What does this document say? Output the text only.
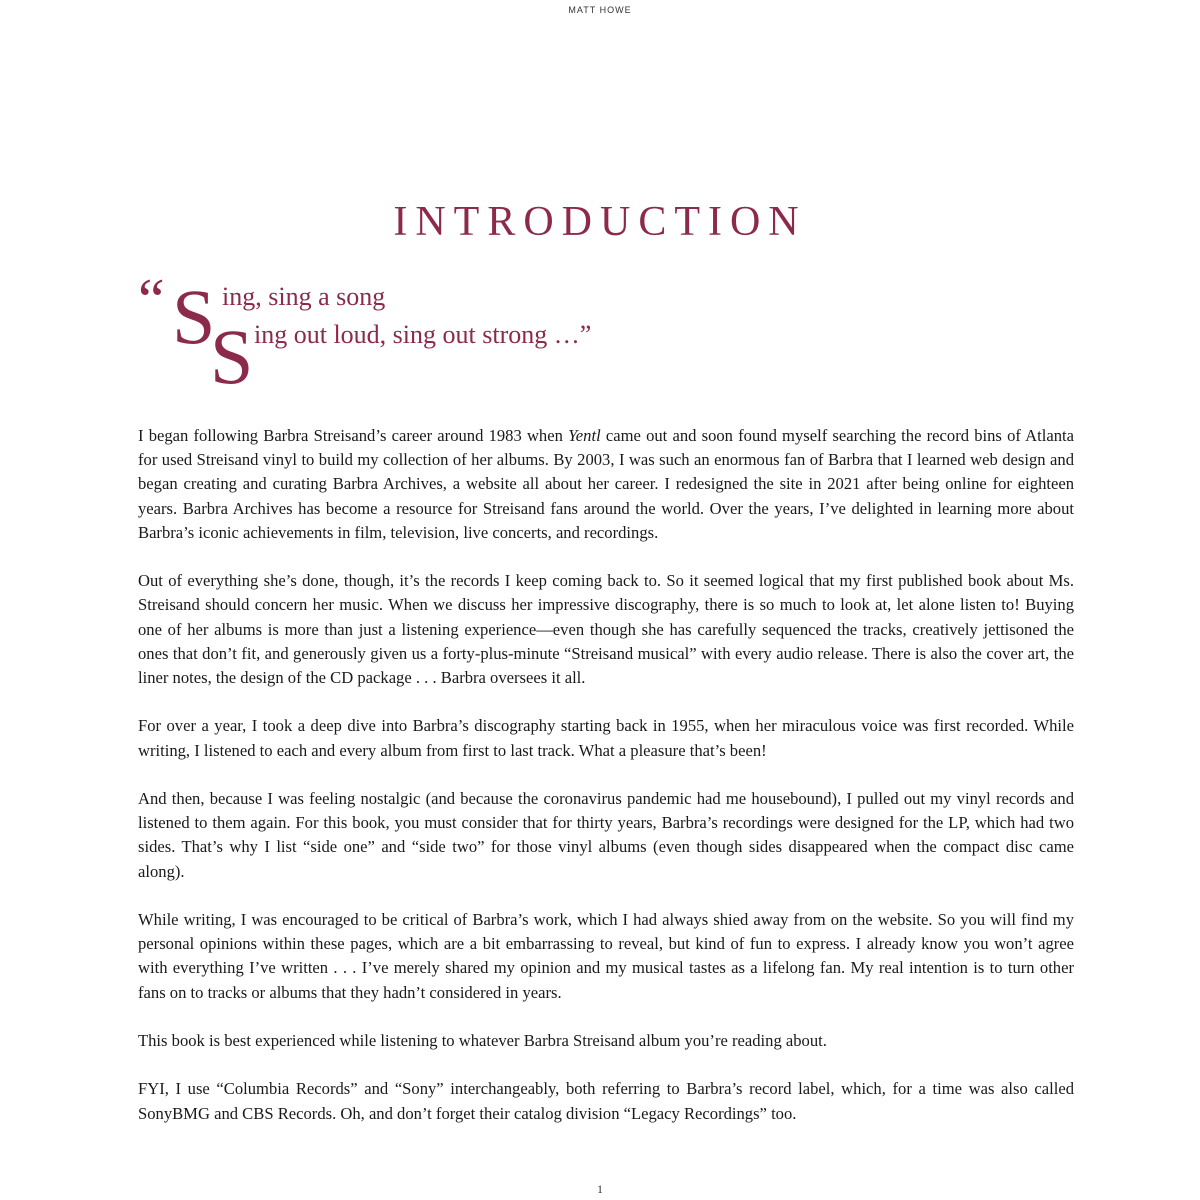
MATT HOWE
INTRODUCTION
“ S ing, sing a song
S ing out loud, sing out strong …”

I began following Barbra Streisand’s career around 1983 when Yentl came out and soon found myself searching the record bins of Atlanta for used Streisand vinyl to build my collection of her albums. By 2003, I was such an enormous fan of Barbra that I learned web design and began creating and curating Barbra Archives, a website all about her career. I redesigned the site in 2021 after being online for eighteen years. Barbra Archives has become a resource for Streisand fans around the world. Over the years, I’ve delighted in learning more about Barbra’s iconic achievements in film, television, live concerts, and recordings.

Out of everything she’s done, though, it’s the records I keep coming back to. So it seemed logical that my first published book about Ms. Streisand should concern her music. When we discuss her impressive discography, there is so much to look at, let alone listen to! Buying one of her albums is more than just a listening experience—even though she has carefully sequenced the tracks, creatively jettisoned the ones that don’t fit, and generously given us a forty-plus-minute “Streisand musical” with every audio release. There is also the cover art, the liner notes, the design of the CD package . . . Barbra oversees it all.

For over a year, I took a deep dive into Barbra’s discography starting back in 1955, when her miraculous voice was first recorded. While writing, I listened to each and every album from first to last track. What a pleasure that’s been!

And then, because I was feeling nostalgic (and because the coronavirus pandemic had me housebound), I pulled out my vinyl records and listened to them again. For this book, you must consider that for thirty years, Barbra’s recordings were designed for the LP, which had two sides. That’s why I list “side one” and “side two” for those vinyl albums (even though sides disappeared when the compact disc came along).

While writing, I was encouraged to be critical of Barbra’s work, which I had always shied away from on the website. So you will find my personal opinions within these pages, which are a bit embarrassing to reveal, but kind of fun to express. I already know you won’t agree with everything I’ve written . . . I’ve merely shared my opinion and my musical tastes as a lifelong fan. My real intention is to turn other fans on to tracks or albums that they hadn’t considered in years.

This book is best experienced while listening to whatever Barbra Streisand album you’re reading about.

FYI, I use “Columbia Records” and “Sony” interchangeably, both referring to Barbra’s record label, which, for a time was also called SonyBMG and CBS Records. Oh, and don’t forget their catalog division “Legacy Recordings” too.

1
